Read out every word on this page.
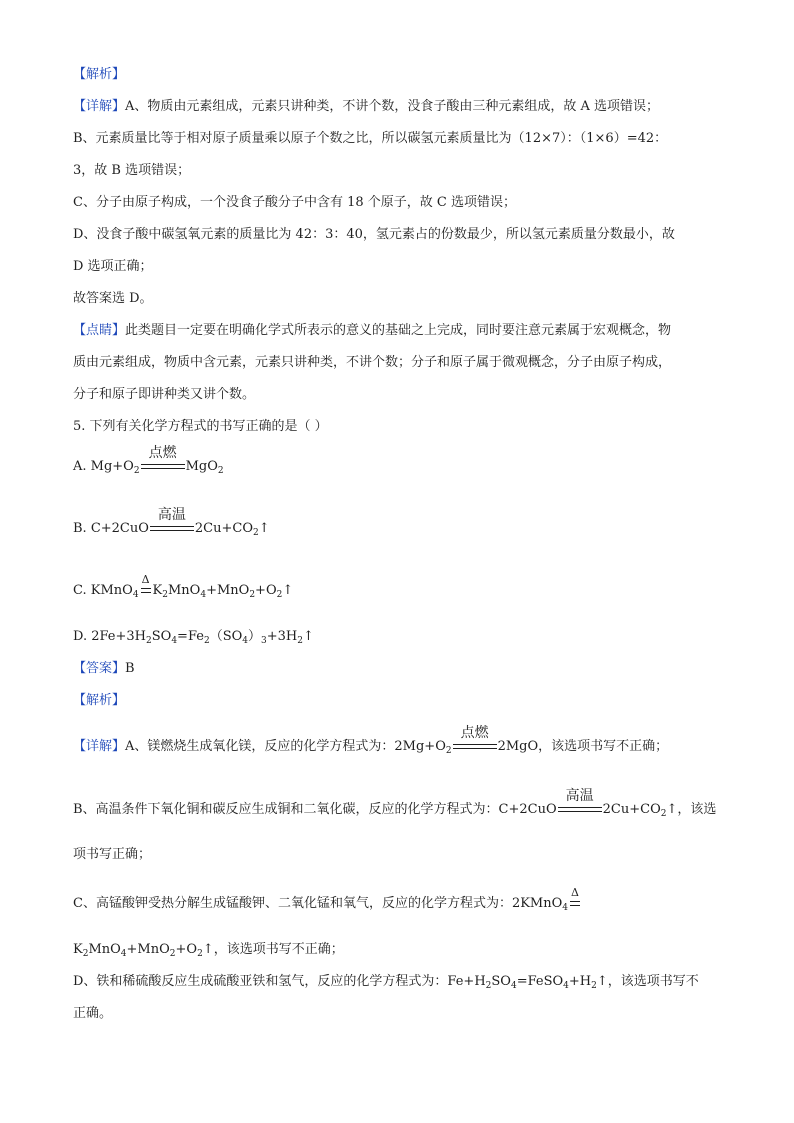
【解析】
【详解】A、物质由元素组成，元素只讲种类，不讲个数，没食子酸由三种元素组成，故 A 选项错误；
B、元素质量比等于相对原子质量乘以原子个数之比，所以碳氢元素质量比为（12×7）：（1×6）=42：
3，故 B 选项错误；
C、分子由原子构成，一个没食子酸分子中含有 18 个原子，故 C 选项错误；
D、没食子酸中碳氢氧元素的质量比为 42：3：40，氢元素占的份数最少，所以氢元素质量分数最小，故
D 选项正确；
故答案选 D。
【点睛】此类题目一定要在明确化学式所表示的意义的基础之上完成，同时要注意元素属于宏观概念，物
质由元素组成，物质中含元素，元素只讲种类，不讲个数；分子和原子属于微观概念，分子由原子构成，
分子和原子即讲种类又讲个数。
5. 下列有关化学方程式的书写正确的是（ ）
A. $Mg+O_2$
点燃
MgO$_2$
B. C+2CuO
高温
$2Cu+CO_2↑$
C. KMnO$_4$
Δ
$K_2MnO_4+MnO_2+O_2↑$
D. $2Fe+3H_2SO_4=Fe_2(SO_4)_3+3H_2↑$
【答案】B
【解析】
【详解】A、镁燃烧生成氧化镁，反应的化学方程式为：$2Mg+O_2$
点燃
2MgO，该选项书写不正确；
B、高温条件下氧化铜和碳反应生成铜和二氧化碳，反应的化学方程式为：C+2CuO
高温
$2Cu+CO_2↑$，该选
项书写正确；
C、高锰酸钾受热分解生成锰酸钾、二氧化锰和氧气，反应的化学方程式为：2KMnO$_4$
Δ
$K_2MnO_4+MnO_2+O_2↑$，该选项书写不正确；
D、铁和稀硫酸反应生成硫酸亚铁和氢气，反应的化学方程式为：$Fe+H_2SO_4=FeSO_4+H_2↑$，该选项书写不
正确。
